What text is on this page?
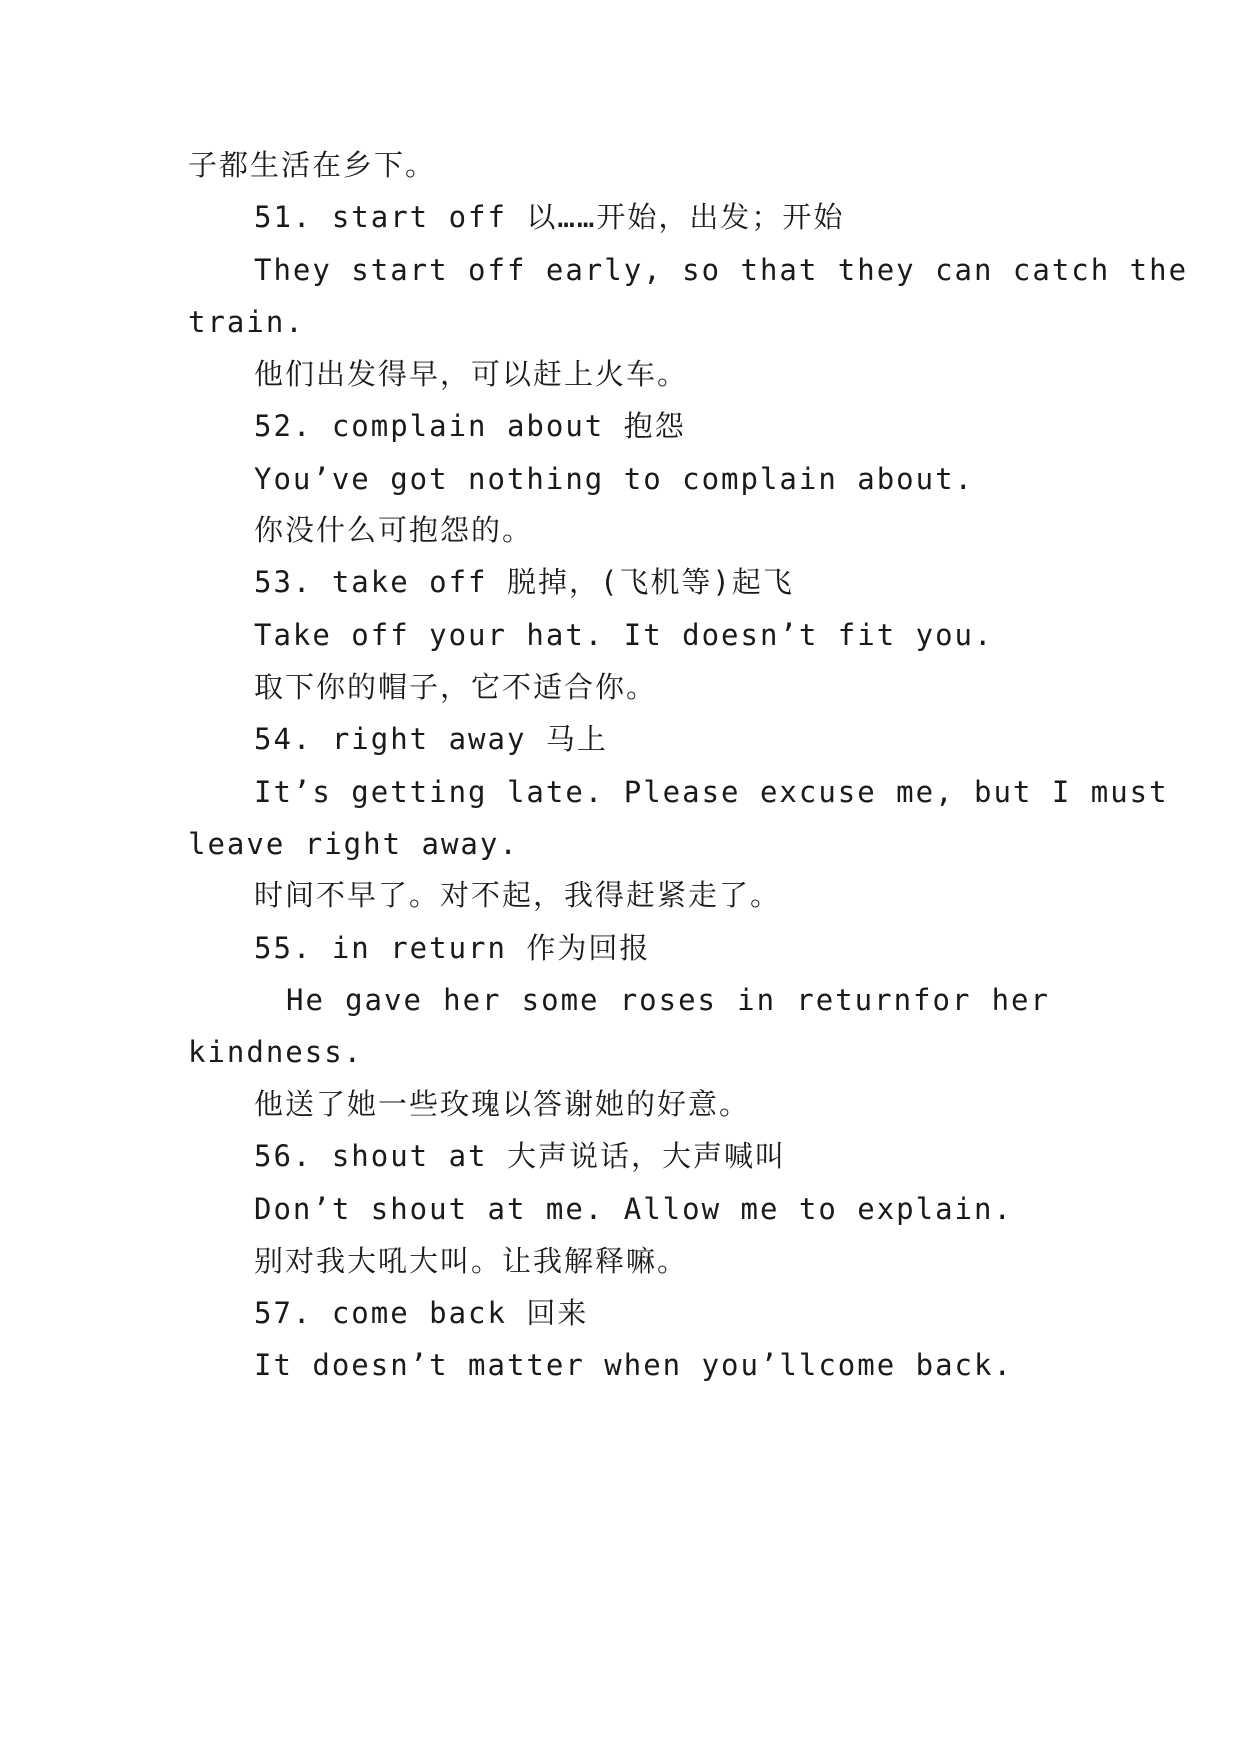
子都生活在乡下。
51. start off 以……开始，出发；开始
They start off early, so that they can catch the
train.
他们出发得早，可以赶上火车。
52. complain about 抱怨
You’ve got nothing to complain about.
你没什么可抱怨的。
53. take off 脱掉，(飞机等)起飞
Take off your hat. It doesn’t fit you.
取下你的帽子，它不适合你。
54. right away 马上
It’s getting late. Please excuse me, but I must
leave right away.
时间不早了。对不起，我得赶紧走了。
55. in return 作为回报
He gave her some roses in returnfor her
kindness.
他送了她一些玫瑰以答谢她的好意。
56. shout at 大声说话，大声喊叫
Don’t shout at me. Allow me to explain.
别对我大吼大叫。让我解释嘛。
57. come back 回来
It doesn’t matter when you’llcome back.
